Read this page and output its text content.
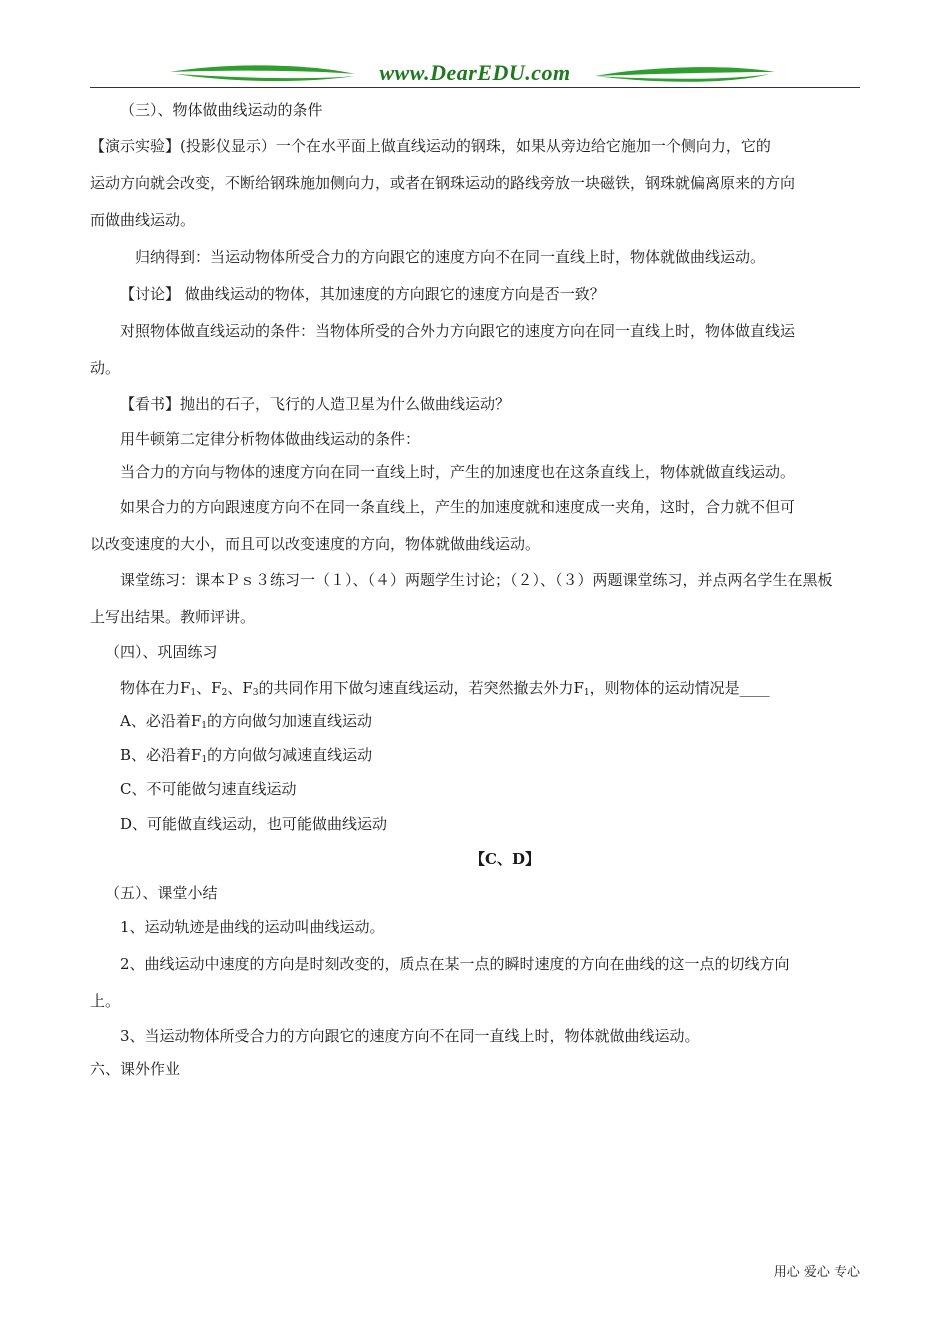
www.DearEDU.com
（三）、物体做曲线运动的条件
【演示实验】(投影仪显示）一个在水平面上做直线运动的钢珠，如果从旁边给它施加一个侧向力，它的
运动方向就会改变，不断给钢珠施加侧向力，或者在钢珠运动的路线旁放一块磁铁，钢珠就偏离原来的方向
而做曲线运动。
归纳得到：当运动物体所受合力的方向跟它的速度方向不在同一直线上时，物体就做曲线运动。
【讨论】 做曲线运动的物体，其加速度的方向跟它的速度方向是否一致？
对照物体做直线运动的条件：当物体所受的合外力方向跟它的速度方向在同一直线上时，物体做直线运
动。
【看书】抛出的石子，飞行的人造卫星为什么做曲线运动？
用牛顿第二定律分析物体做曲线运动的条件：
当合力的方向与物体的速度方向在同一直线上时，产生的加速度也在这条直线上，物体就做直线运动。
如果合力的方向跟速度方向不在同一条直线上，产生的加速度就和速度成一夹角，这时，合力就不但可
以改变速度的大小，而且可以改变速度的方向，物体就做曲线运动。
课堂练习：课本Ｐｓ３练习一（１）、（４）两题学生讨论；（２）、（３）两题课堂练习，并点两名学生在黑板
上写出结果。教师评讲。
（四）、巩固练习
物体在力$F_1$、$F_2$、$F_3$的共同作用下做匀速直线运动，若突然撤去外力$F_1$，则物体的运动情况是____
A、必沿着$F_1$的方向做匀加速直线运动
B、必沿着$F_1$的方向做匀减速直线运动
C、不可能做匀速直线运动
D、可能做直线运动，也可能做曲线运动
【C、D】
（五）、课堂小结
1、运动轨迹是曲线的运动叫曲线运动。
2、曲线运动中速度的方向是时刻改变的，质点在某一点的瞬时速度的方向在曲线的这一点的切线方向
上。
3、当运动物体所受合力的方向跟它的速度方向不在同一直线上时，物体就做曲线运动。
六、课外作业
用心 爱心 专心
